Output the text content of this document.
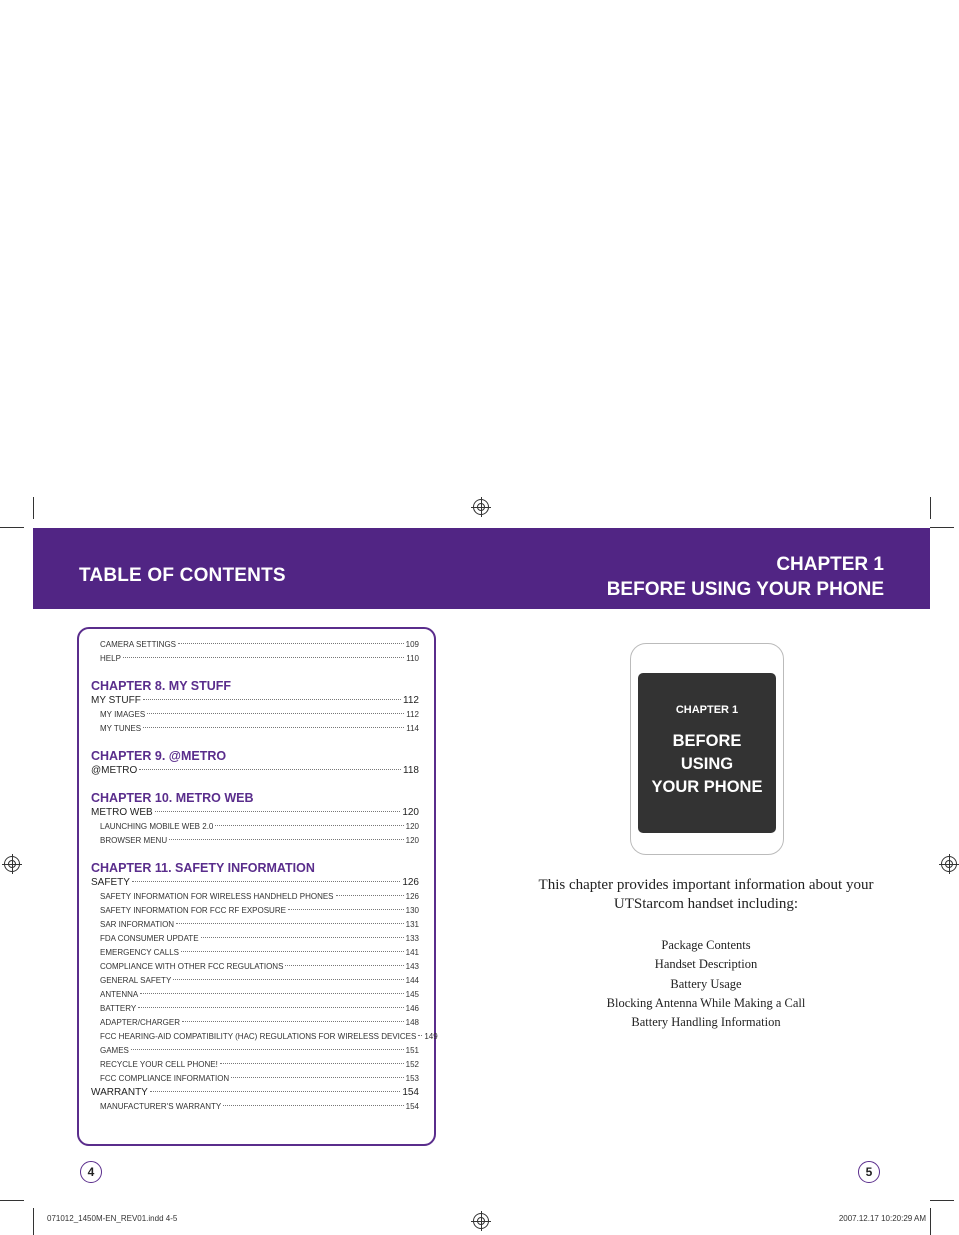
TABLE OF CONTENTS
CHAPTER 1
BEFORE USING YOUR PHONE
CAMERA SETTINGS	109
HELP	110
CHAPTER 8. MY STUFF
MY STUFF	112
MY IMAGES	112
MY TUNES	114
CHAPTER 9. @METRO
@METRO	118
CHAPTER 10. METRO WEB
METRO WEB	120
LAUNCHING MOBILE WEB 2.0	120
BROWSER MENU	120
CHAPTER 11. SAFETY INFORMATION
SAFETY	126
SAFETY INFORMATION FOR WIRELESS HANDHELD PHONES	126
SAFETY INFORMATION FOR FCC RF EXPOSURE	130
SAR INFORMATION	131
FDA CONSUMER UPDATE	133
EMERGENCY CALLS	141
COMPLIANCE WITH OTHER FCC REGULATIONS	143
GENERAL SAFETY	144
ANTENNA	145
BATTERY	146
ADAPTER/CHARGER	148
FCC HEARING-AID COMPATIBILITY (HAC) REGULATIONS FOR WIRELESS DEVICES 149
GAMES	151
RECYCLE YOUR CELL PHONE!	152
FCC COMPLIANCE INFORMATION	153
WARRANTY	154
MANUFACTURER'S WARRANTY	154
CHAPTER 1
BEFORE
USING
YOUR PHONE
This chapter provides important information about your UTStarcom handset including:
Package Contents
Handset Description
Battery Usage
Blocking Antenna While Making a Call
Battery Handling Information
4	5
071012_1450M-EN_REV01.indd 4-5	2007.12.17 10:20:29 AM
